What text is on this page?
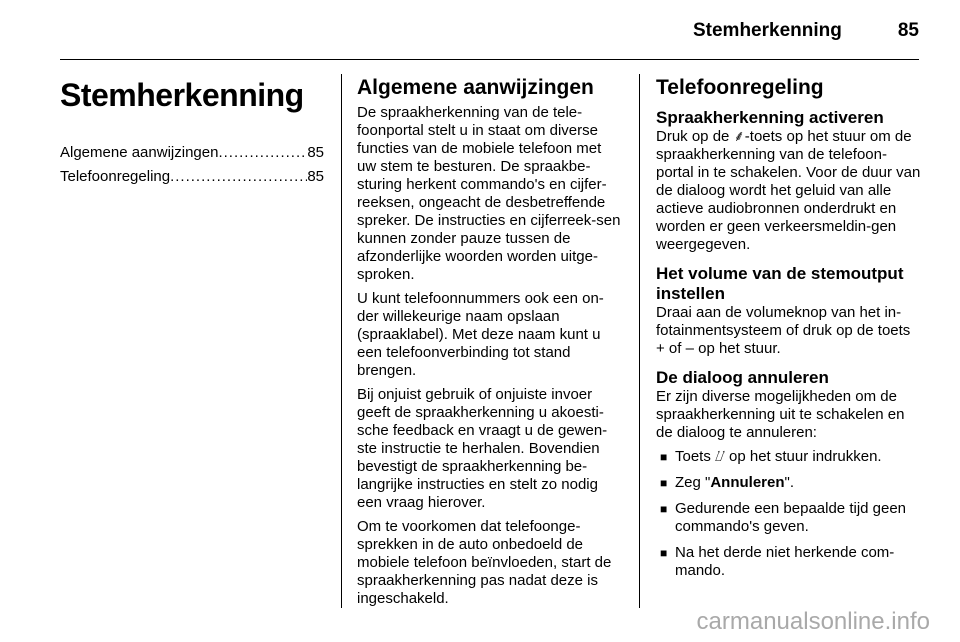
Stemherkenning	85
Stemherkenning
Algemene aanwijzingen .....	85
Telefoonregeling .....	85
Algemene aanwijzingen

De spraakherkenning van de tele-foonportal stelt u in staat om diverse functies van de mobiele telefoon met uw stem te besturen. De spraakbe-sturing herkent commando's en cijfer-reeksen, ongeacht de desbetreffende spreker. De instructies en cijferreek-sen kunnen zonder pauze tussen de afzonderlijke woorden worden uitge-sproken.

U kunt telefoonnummers ook een on-der willekeurige naam opslaan (spraaklabel). Met deze naam kunt u een telefoonverbinding tot stand brengen.

Bij onjuist gebruik of onjuiste invoer geeft de spraakherkenning u akoesti-sche feedback en vraagt u de gewen-ste instructie te herhalen. Bovendien bevestigt de spraakherkenning be-langrijke instructies en stelt zo nodig een vraag hierover.

Om te voorkomen dat telefoonge-sprekken in de auto onbedoeld de mobiele telefoon beïnvloeden, start de spraakherkenning pas nadat deze is ingeschakeld.

Telefoonregeling
Spraakherkenning activeren

Druk op de ⸙-toets op het stuur om de spraakherkenning van de telefoon-portal in te schakelen. Voor de duur van de dialoog wordt het geluid van alle actieve audiobronnen onderdrukt en worden er geen verkeersmeldin-gen weergegeven.

Het volume van de stemoutput instellen

Draai aan de volumeknop van het in-fotainmentsysteem of druk op de toets + of – op het stuur.

De dialoog annuleren

Er zijn diverse mogelijkheden om de spraakherkenning uit te schakelen en de dialoog te annuleren:

■ Toets ⌰ op het stuur indrukken.
■ Zeg "Annuleren".
■ Gedurende een bepaalde tijd geen commando's geven.
■ Na het derde niet herkende com-mando.
carmanualsonline.info
